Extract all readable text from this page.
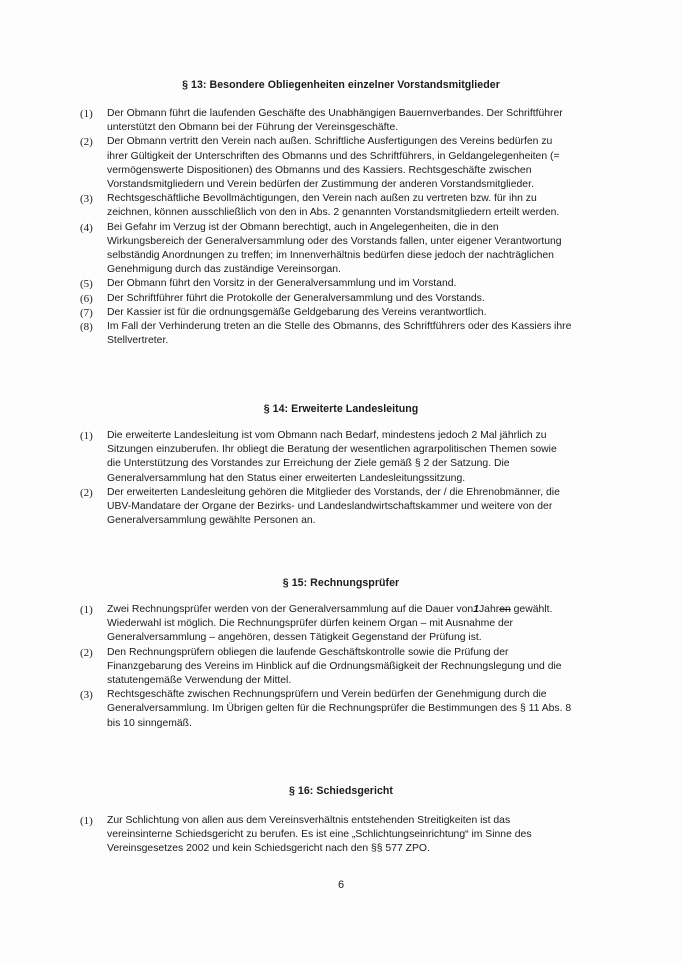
§ 13: Besondere Obliegenheiten einzelner Vorstandsmitglieder
(1) Der Obmann führt die laufenden Geschäfte des Unabhängigen Bauernverbandes. Der Schriftführer
unterstützt den Obmann bei der Führung der Vereinsgeschäfte.
(2) Der Obmann vertritt den Verein nach außen. Schriftliche Ausfertigungen des Vereins bedürfen zu
ihrer Gültigkeit der Unterschriften des Obmanns und des Schriftführers, in Geldangelegenheiten (=
vermögenswerte Dispositionen) des Obmanns und des Kassiers. Rechtsgeschäfte zwischen
Vorstandsmitgliedern und Verein bedürfen der Zustimmung der anderen Vorstandsmitglieder.
(3) Rechtsgeschäftliche Bevollmächtigungen, den Verein nach außen zu vertreten bzw. für ihn zu
zeichnen, können ausschließlich von den in Abs. 2 genannten Vorstandsmitgliedern erteilt werden.
(4) Bei Gefahr im Verzug ist der Obmann berechtigt, auch in Angelegenheiten, die in den
Wirkungsbereich der Generalversammlung oder des Vorstands fallen, unter eigener Verantwortung
selbständig Anordnungen zu treffen; im Innenverhältnis bedürfen diese jedoch der nachträglichen
Genehmigung durch das zuständige Vereinsorgan.
(5) Der Obmann führt den Vorsitz in der Generalversammlung und im Vorstand.
(6) Der Schriftführer führt die Protokolle der Generalversammlung und des Vorstands.
(7) Der Kassier ist für die ordnungsgemäße Geldgebarung des Vereins verantwortlich.
(8) Im Fall der Verhinderung treten an die Stelle des Obmanns, des Schriftführers oder des Kassiers ihre
Stellvertreter.
§ 14: Erweiterte Landesleitung
(1) Die erweiterte Landesleitung ist vom Obmann nach Bedarf, mindestens jedoch 2 Mal jährlich zu
Sitzungen einzuberufen. Ihr obliegt die Beratung der wesentlichen agrarpolitischen Themen sowie
die Unterstützung des Vorstandes zur Erreichung der Ziele gemäß § 2 der Satzung. Die
Generalversammlung hat den Status einer erweiterten Landesleitungssitzung.
(2) Der erweiterten Landesleitung gehören die Mitglieder des Vorstands, der / die Ehrenobmänner, die
UBV-Mandatare der Organe der Bezirks- und Landeslandwirtschaftskammer und weitere von der
Generalversammlung gewählte Personen an.
§ 15: Rechnungsprüfer
(1) Zwei Rechnungsprüfer werden von der Generalversammlung auf die Dauer von1Jahren gewählt.
Wiederwahl ist möglich. Die Rechnungsprüfer dürfen keinem Organ – mit Ausnahme der
Generalversammlung – angehören, dessen Tätigkeit Gegenstand der Prüfung ist.
(2) Den Rechnungsprüfern obliegen die laufende Geschäftskontrolle sowie die Prüfung der
Finanzgebarung des Vereins im Hinblick auf die Ordnungsmäßigkeit der Rechnungslegung und die
statutengemäße Verwendung der Mittel.
(3) Rechtsgeschäfte zwischen Rechnungsprüfern und Verein bedürfen der Genehmigung durch die
Generalversammlung. Im Übrigen gelten für die Rechnungsprüfer die Bestimmungen des § 11 Abs. 8
bis 10 sinngemäß.
§ 16: Schiedsgericht
(1) Zur Schlichtung von allen aus dem Vereinsverhältnis entstehenden Streitigkeiten ist das
vereinsinterne Schiedsgericht zu berufen. Es ist eine „Schlichtungseinrichtung“ im Sinne des
Vereinsgesetzes 2002 und kein Schiedsgericht nach den §§ 577 ZPO.
6
